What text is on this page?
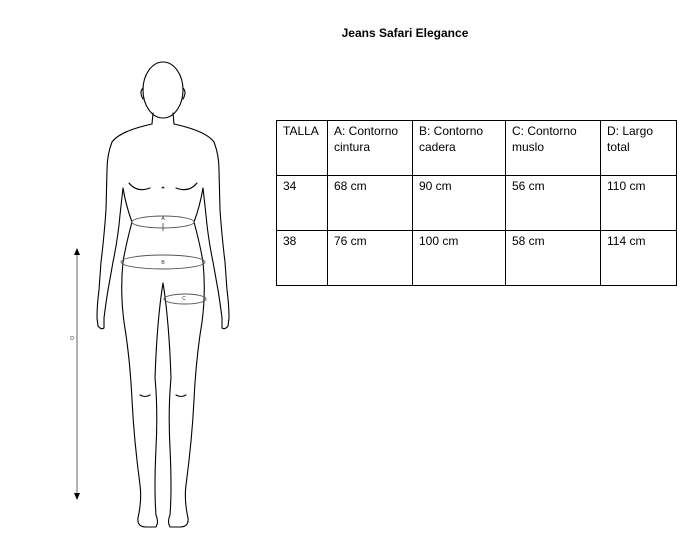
Jeans Safari Elegance
A
B
C
D
TALLA	A: Contorno cintura	B: Contorno cadera	C: Contorno muslo	D: Largo total
34	68 cm	90 cm	56 cm	110 cm
38	76 cm	100 cm	58 cm	114 cm
